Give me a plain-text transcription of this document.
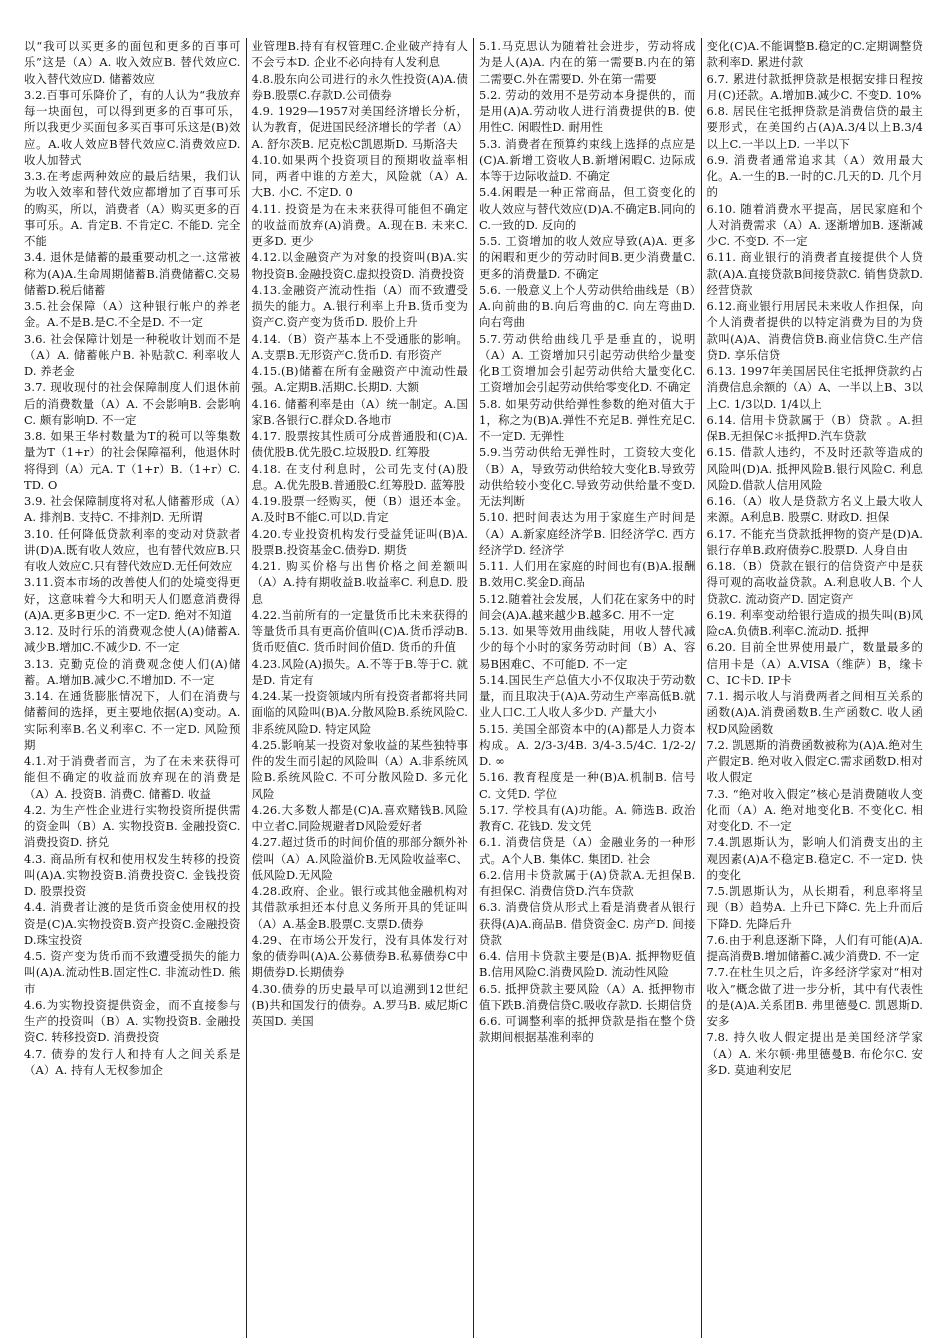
以“我可以买更多的面包和更多的百事可乐”这是（A）A. 收入效应B. 替代效应C. 收入替代效应D. 储蓄效应

3.2.百事可乐降价了，有的人认为“我放弃每一块面包，可以得到更多的百事可乐，所以我更少买面包多买百事可乐这是(B)效应。A.收人效应B替代效应C.消费效应D.收人加替式

3.3.在考虑两种效应的最后结果，我们认为收入效率和替代效应都增加了百事可乐的购买，所以，消费者（A）购买更多的百事可乐。A. 肯定B. 不肯定C. 不能D. 完全不能

3.4. 退休是储蓄的最重要动机之一.这常被称为(A)A.生命周期储蓄B.消费储蓄C.交易储蓄D.税后储蓄

3.5.社会保障（A）这种银行帐户的养老金。A.不是B.是C.不全是D. 不一定

3.6. 社会保障计划是一种税收计划而不是（A）A. 储蓄帐户B. 补贴款C. 利率收人D. 养老金

3.7. 现收现付的社会保障制度人们退休前后的消费数量（A）A. 不会影响B. 会影响C. 颇有影响D. 不一定

3.8. 如果王华村数量为T的税可以等集数量为T（1+r）的社会保障福利，他退休时将得到（A）元A. T（1+r）B.（1+r）C. TD. O

3.9. 社会保障制度将对私人储蓄形成（A）A. 排剂B. 支持C. 不排剂D. 无所谓

3.10. 任何降低贷款利率的变动对贷款者讲(D)A.既有收人效应，也有替代效应B.只有收人效应C.只有替代效应D.无任何效应

3.11.资本市场的改善使人们的处境变得更好，这意味着今大和明天人们愿意消费得(A)A.更多B更少C. 不一定D. 绝对不知道

3.12. 及时行乐的消费观念使人(A)储蓄A.减少B.增加C.不减少D. 不一定

3.13. 克勤克俭的消费观念使人们(A)储蓄。A.增加B.减少C.不增加D. 不一定

3.14. 在通货膨胀情况下，人们在消费与储蓄间的选择，更主要地依据(A)变动。A.实际利率B.名义利率C. 不一定D. 风险预期

4.1.对于消费者而言，为了在未来获得可能但不确定的收益而放弃现在的消费是（A）A. 投资B. 消费C. 储蓄D. 收益

4.2. 为生产性企业进行实物投资所提供需的资金叫（B）A. 实物投资B. 金融投资C. 消费投资D. 挤兑

4.3. 商品所有权和使用权发生转移的投资叫(A)A.实物投资B.消费投资C. 金钱投资D. 股票投资

4.4. 消费者让渡的是货币资金使用权的投资是(C)A.实物投资B.资产投资C.金融投资D.珠宝投资

4.5. 资产变为货币而不致遭受损失的能力叫(A)A.流动性B.固定性C. 非流动性D. 熊市

4.6.为实物投资提供资金，而不直接参与生产的投资叫（B）A. 实物投资B. 金融投资C. 转移投资D. 消费投资

4.7. 债券的发行人和持有人之间关系是（A）A. 持有人无权参加企

业管理B.持有有权管理C.企业破产持有人不会亏本D. 企业不必向持有人发利息

4.8.股东向公司进行的永久性投资(A)A.债券B.股票C.存款D.公司债券

4.9. 1929—1957对美国经济增长分析，认为教育，促进国民经济增长的学者（A）A. 舒尔茨B. 尼克松C凯恩斯D. 马斯洛夫

4.10.如果两个投资项目的预期收益率相同，两者中谁的方差大，风险就（A）A. 大B. 小C. 不定D. 0

4.11. 投资是为在未来获得可能但不确定的收益而放弃(A)消费。A.现在B. 未来C. 更多D. 更少

4.12.以金融资产为对象的投资叫(B)A.实物投资B.金融投资C.虚拟投资D. 消费投资

4.13.金融资产流动性指（A）而不致遭受损失的能力。A.银行利率上升B.货币变为资产C.资产变为货币D. 股价上升

4.14.（B）资产基本上不受通胀的影响。A.支票B.无形资产C.货币D. 有形资产

4.15.(B)储蓄在所有金融资产中流动性最强。A.定期B.活期C.长期D. 大额

4.16. 储蓄利率是由（A）统一制定。A.国家B.各银行C.群众D.各地市

4.17. 股票按其性质可分成普通股和(C)A.债优股B.优先股C.垃圾股D. 红筹股

4.18. 在支付利息时，公司先支付(A)股息。A.优先股B.普通股C.红筹股D. 蓝筹股

4.19.股票一经购买，便（B）退还本金。A.及时B不能C.可以D.肯定

4.20.专业投资机构发行受益凭证叫(B)A.股票B.投资基金C.债券D. 期货

4.21. 购买价格与出售价格之间差额叫（A）A.持有期收益B.收益率C. 利息D. 股息

4.22.当前所有的一定量货币比未来获得的等量货币具有更高价值叫(C)A.货币浮动B.货币贬值C. 货币时间价值D. 货币的升值

4.23.风险(A)损失。A.不等于B.等于C. 就是D. 肯定有

4.24.某一投资领域内所有投资者都将共同面临的风险叫(B)A.分散风险B.系统风险C.非系统风险D. 特定风险

4.25.影响某一投资对象收益的某些独特事件的发生而引起的风险叫（A）A.非系统风险B.系统风险C. 不可分散风险D. 多元化风险

4.26.大多数人都是(C)A.喜欢赌钱B.风险中立者C.同险规避者D风险爱好者

4.27.超过货币的时间价值的那部分额外补偿叫（A）A.风险溢价B.无风险收益率C、低风险D.无风险

4.28.政府、企业。银行或其他金融机构对其借款承担还本付息义务所开具的凭证叫（A）A.基金B.股票C.支票D.债券

4.29、在市场公开发行，没有具体发行对象的债券叫(A)A.公募债券B.私募债券C中期债券D.长期债券

4.30.债券的历史最早可以追溯到12世纪(B)共和国发行的债券。A.罗马B. 威尼斯C英国D. 美国

5.1.马克思认为随着社会进步，劳动将成为是人(A)A. 内在的第一需要B.内在的第二需要C.外在需要D. 外在第一需要

5.2. 劳动的效用不是劳动本身提供的，而是用(A)A.劳动收人进行消费提供的B. 使用性C. 闲暇性D. 耐用性

5.3. 消费者在预算约束线上选择的点应是(C)A.新增工资收人B.新增闲暇C. 边际成本等于边际收益D. 不确定

5.4.闲暇是一种正常商品，但工资变化的收人效应与替代效应(D)A.不确定B.同向的C.一致的D. 反向的

5.5. 工资增加的收人效应导致(A)A. 更多的闲暇和更少的劳动时间B.更少消费量C.更多的消费量D. 不确定

5.6. 一般意义上个人劳动供给曲线是（B）A.向前曲的B.向后弯曲的C. 向左弯曲D. 向右弯曲

5.7.劳动供给曲线几乎是垂直的，说明（A）A. 工资增加只引起劳动供给少量变化B工资增加会引起劳动供给大量变化C. 工资增加会引起劳动供给零变化D. 不确定

5.8. 如果劳动供给弹性参数的绝对值大于1，称之为(B)A.弹性不充足B. 弹性充足C.不一定D. 无弹性

5.9.当劳动供给无弹性时，工资较大变化（B）A，导致劳动供给较大变化B.导致劳动供给较小变化C.导致劳动供给量不变D. 无法判断

5.10. 把时间表达为用于家庭生产时间是（A）A.新家庭经济学B. 旧经济学C. 西方经济学D. 经济学

5.11. 人们用在家庭的时间也有(B)A.报酬B.效用C.奖金D.商品

5.12.随着社会发展，人们花在家务中的时间会(A)A.越来越少B.越多C. 用不一定

5.13. 如果等效用曲线陡，用收人替代减少的每个小时的家务劳动时间（B）A、容易B困难C、不可能D. 不一定

5.14.国民生产总值大小不仅取决于劳动数量，而且取决于(A)A.劳动生产率高低B.就业人口C.工人收人多少D. 产量大小

5.15. 美国全部资本中的(A)都是人力资本构成。A. 2/3-3/4B. 3/4-3.5/4C. 1/2-2/D. ∞

5.16. 教育程度是一种(B)A.机制B. 信号C. 文凭D. 学位

5.17. 学校具有(A)功能。A. 筛选B. 政治教育C. 花钱D. 发文凭

6.1. 消费信贷是（A）金融业务的一种形式。A个人B. 集体C. 集团D. 社会

6.2.信用卡贷款属于(A)贷款A.无担保B. 有担保C. 消费信贷D.汽车贷款

6.3. 消费信贷从形式上看是消费者从银行获得(A)A.商品B. 借贷资金C. 房产D. 间接贷款

6.4. 信用卡贷款主要是(B)A. 抵押物贬值B.信用风险C.消费风险D. 流动性风险

6.5. 抵押贷款主要风险（A）A. 抵押物市值下跌B.消费信贷C.吸收存款D. 长期信贷

6.6. 可调整利率的抵押贷款是指在整个贷款期间根据基准利率的

变化(C)A.不能调整B.稳定的C.定期调整贷款利率D. 累进付款

6.7. 累进付款抵押贷款是根据安排日程按月(C)还款。A.增加B.减少C. 不变D. 10%

6.8. 居民住宅抵押贷款是消费信贷的最主要形式，在美国约占(A)A.3/4以上B.3/4以上C.一半以上D. 一半以下

6.9. 消费者通常追求其（A）效用最大化。A.一生的B.一时的C.几天的D. 几个月的

6.10. 随着消费水平提高，居民家庭和个人对消费需求（A）A. 逐渐增加B. 逐渐减少C. 不变D. 不一定

6.11. 商业银行的消费者直接提供个人贷款(A)A.直接贷款B间接贷款C. 销售贷款D. 经营贷款

6.12.商业银行用居民未来收人作担保，向个人消费者提供的以特定消费为目的为贷款叫(A)A、消费信贷B.商业信贷C.生产信贷D. 享乐信贷

6.13. 1997年美国居民住宅抵押贷款约占消费信息余额的（A）A、一半以上B、3以上C. 1/3以D. 1/4以上

6.14. 信用卡贷款属于（B）贷款 。A.担保B.无担保C＊抵押D.汽车贷款

6.15. 借款人违约，不及时还款等造成的风险叫(D)A. 抵押风险B.银行风险C. 利息风险D.借款人信用风险

6.16.（A）收人是贷款方名义上最大收人来源。A利息B. 股票C. 财政D. 担保

6.17. 不能充当贷款抵押物的资产是(D)A.银行存单B.政府债券C.股票D. 人身自由

6.18.（B）贷款在银行的信贷资产中是获得可观的高收益贷款。A.利息收人B. 个人贷款C. 流动资产D. 固定资产

6.19. 利率变动给银行造成的损失叫(B)风险cA.负债B.利率C.流动D. 抵押

6.20. 目前全世界使用最广，数量最多的信用卡是（A）A.VISA（维萨）B，缘卡C、IC卡D. IP卡

7.1. 揭示收人与消费两者之间相互关系的函数(A)A.消费函数B.生产函数C. 收人函权D风险函数

7.2. 凯恩斯的消费函数被称为(A)A.绝对生产假定B. 绝对收入假定C.需求函数D.相对收人假定

7.3. “绝对收入假定”核心是消费随收人变化而（A）A. 绝对地变化B. 不变化C. 相对变化D. 不一定

7.4.凯恩斯认为，影响人们消费支出的主观因素(A)A不稳定B.稳定C. 不一定D. 快的变化

7.5.凯恩斯认为，从长期看，利息率将呈现（B）趋势A. 上升已下降C. 先上升而后下降D. 先降后升

7.6.由于利息逐渐下降，人们有可能(A)A.提高消费B.增加储蓄C.减少消费D. 不一定

7.7.在杜生贝之后，许多经济学家对“相对收入”概念做了进一步分析，其中有代表性的是(A)A.关系团B. 弗里德曼C. 凯恩斯D. 安多

7.8. 持久收人假定提出是美国经济学家（A）A. 米尔顿·弗里德曼B. 布伦尔C. 安多D. 莫迪利安尼
